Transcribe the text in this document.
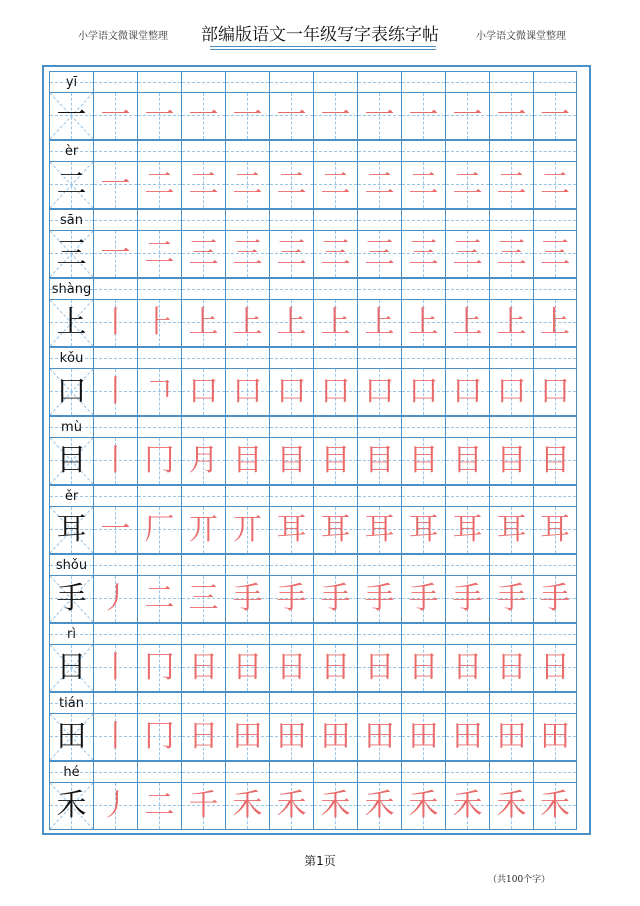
小学语文微课堂整理	部编版语文一年级写字表练字帖	小学语文微课堂整理
yī
一 一 一 一 一 一 一 一 一 一 一 一
èr
二 一 二 二 二 二 二 二 二 二 二 二
sān
三 一 二 三 三 三 三 三 三 三 三 三
shàng
上 丨 ⺊ 上 上 上 上 上 上 上 上 上
kǒu
口 丨 𠃍 口 口 口 口 口 口 口 口 口
mù
目 丨 冂 月 目 目 目 目 目 目 目 目
ěr
耳 一 厂 丌 丌 耳 耳 耳 耳 耳 耳 耳
shǒu
手 丿 二 三 手 手 手 手 手 手 手 手
rì
日 丨 冂 日 日 日 日 日 日 日 日 日
tián
田 丨 冂 日 田 田 田 田 田 田 田 田
hé
禾 丿 二 千 禾 禾 禾 禾 禾 禾 禾 禾
第1页
（共100个字）
